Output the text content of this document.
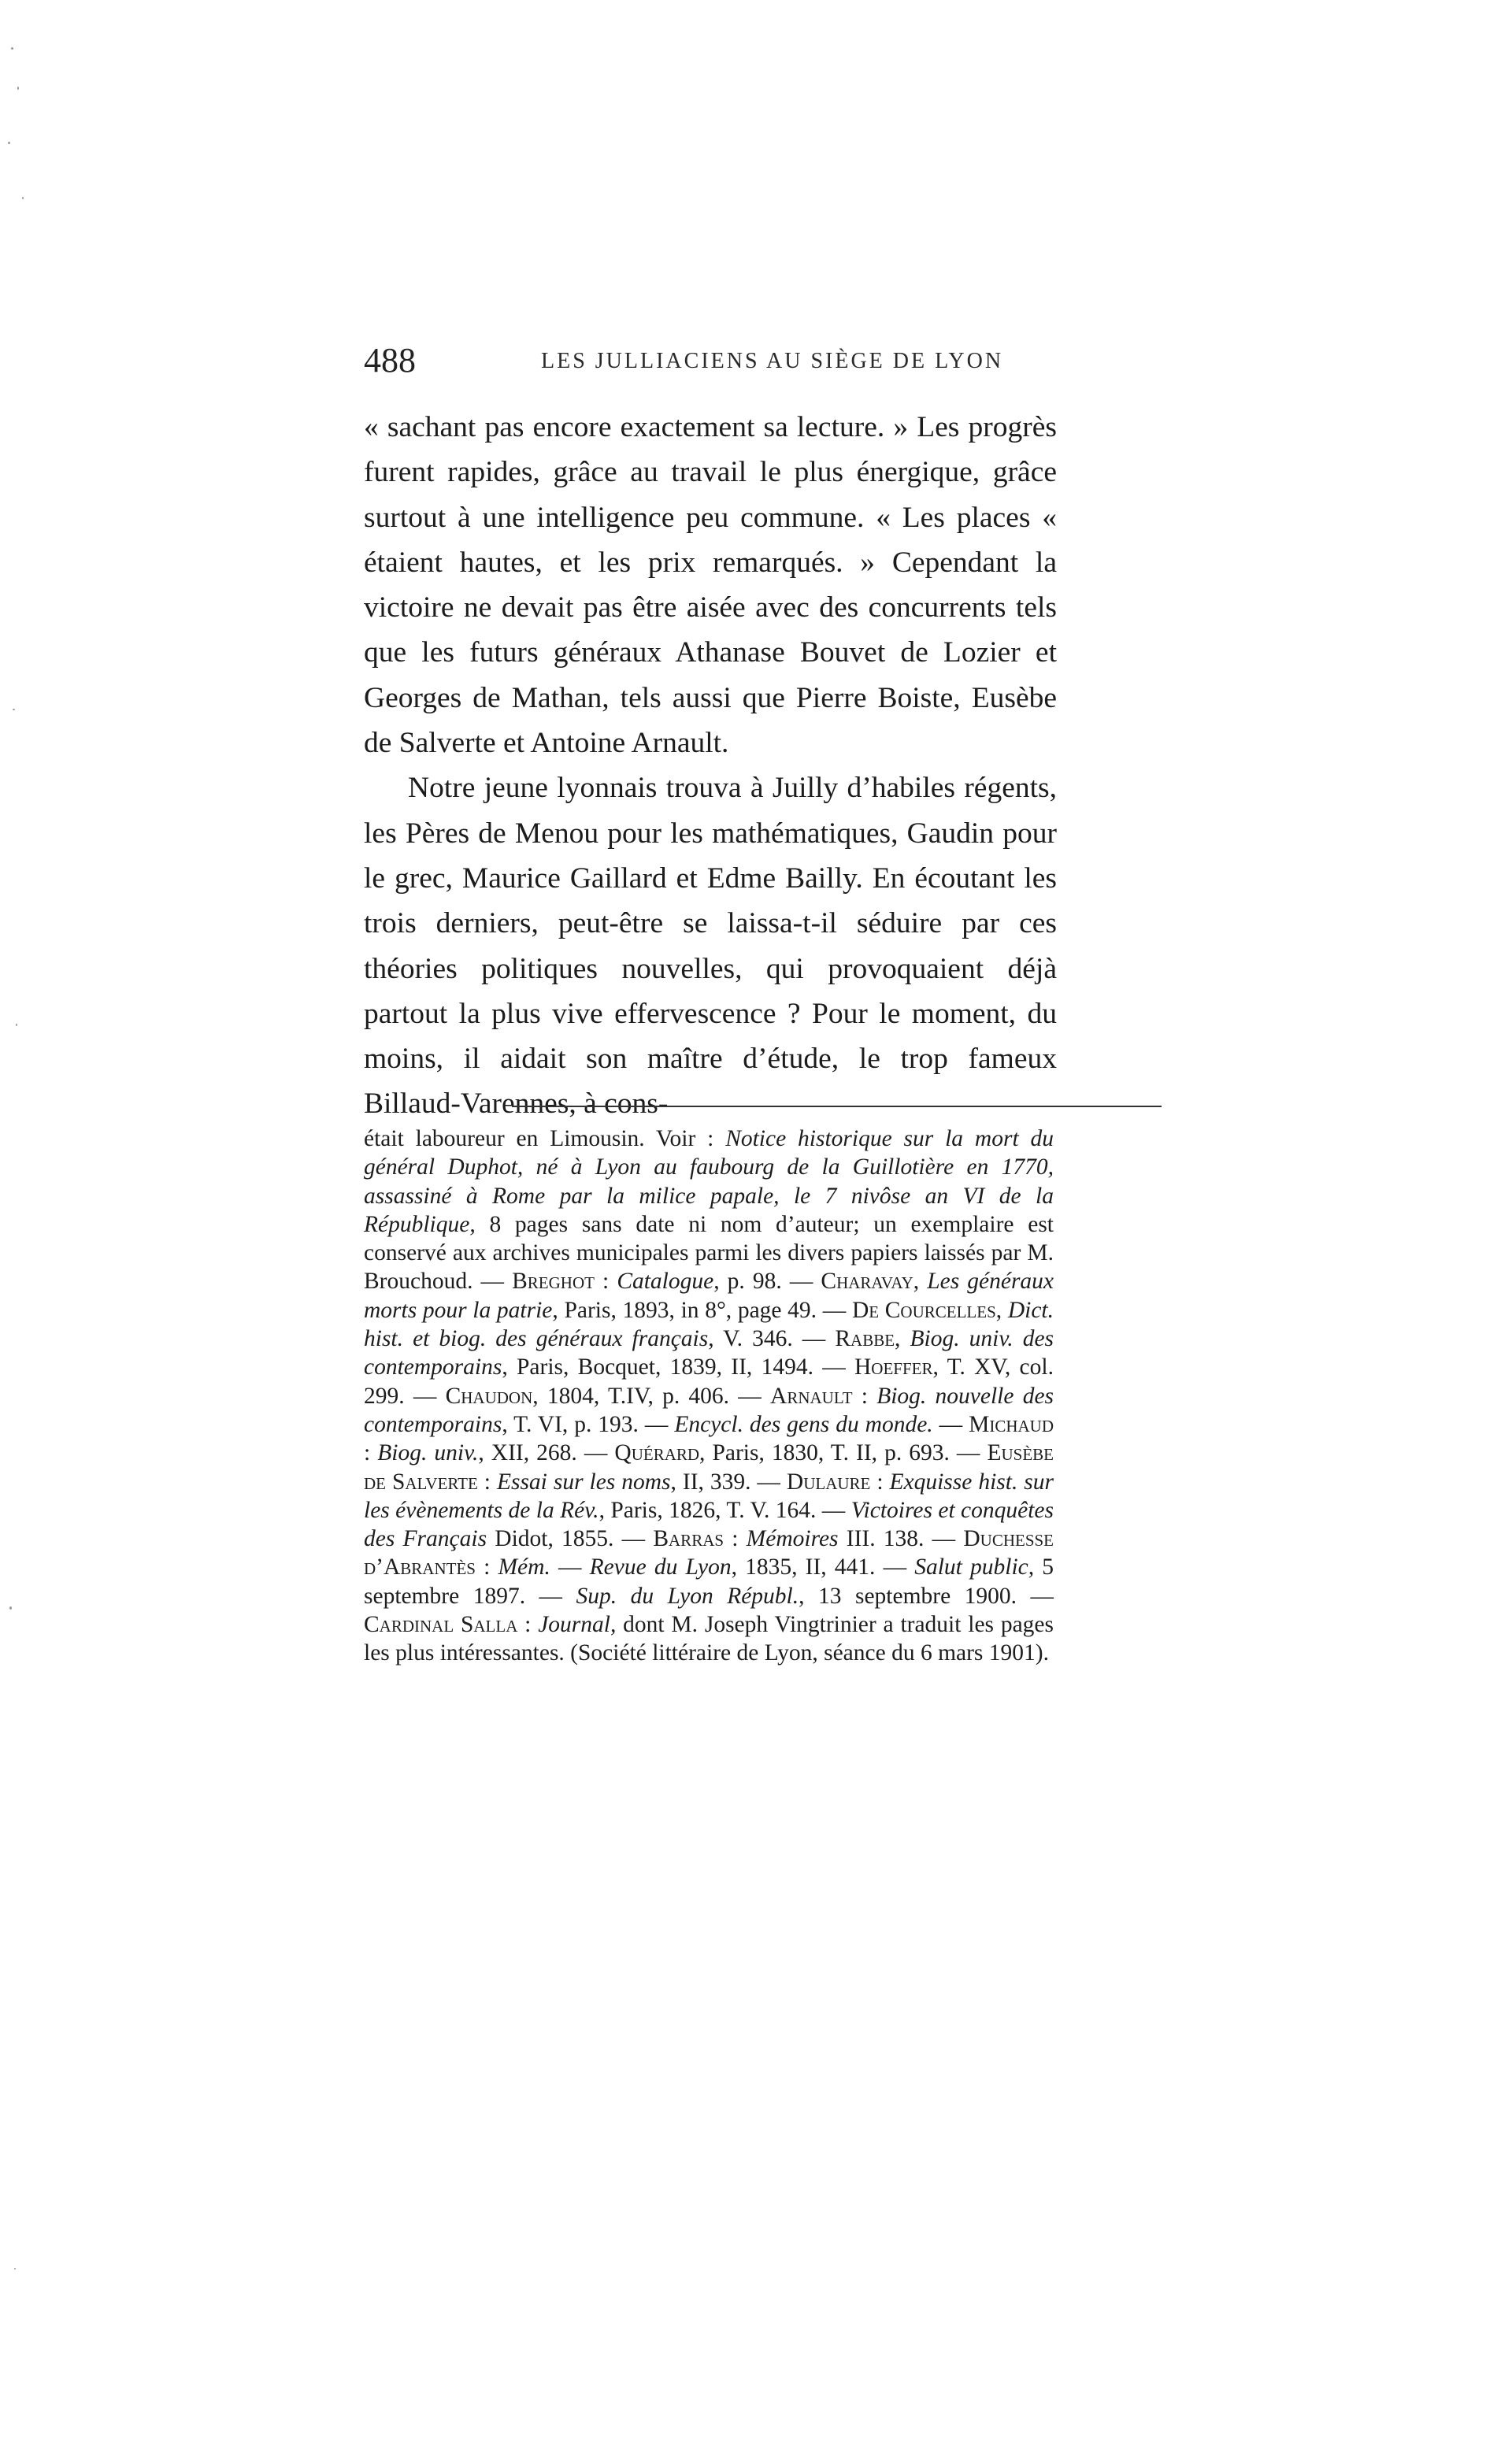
488	LES JULLIACIENS AU SIÈGE DE LYON

« sachant pas encore exactement sa lecture. » Les progrès furent rapides, grâce au travail le plus énergique, grâce surtout à une intelligence peu commune. « Les places « étaient hautes, et les prix remarqués. » Cependant la victoire ne devait pas être aisée avec des concurrents tels que les futurs généraux Athanase Bouvet de Lozier et Georges de Mathan, tels aussi que Pierre Boiste, Eusèbe de Salverte et Antoine Arnault.

Notre jeune lyonnais trouva à Juilly d’habiles régents, les Pères de Menou pour les mathématiques, Gaudin pour le grec, Maurice Gaillard et Edme Bailly. En écoutant les trois derniers, peut-être se laissa-t-il séduire par ces théories politiques nouvelles, qui provoquaient déjà partout la plus vive effervescence ? Pour le moment, du moins, il aidait son maître d’étude, le trop fameux Billaud-Varennes, à cons-

était laboureur en Limousin. Voir : Notice historique sur la mort du général Duphot, né à Lyon au faubourg de la Guillotière en 1770, assassiné à Rome par la milice papale, le 7 nivôse an VI de la République, 8 pages sans date ni nom d’auteur; un exemplaire est conservé aux archives municipales parmi les divers papiers laissés par M. Brouchoud. — Breghot : Catalogue, p. 98. — Charavay, Les généraux morts pour la patrie, Paris, 1893, in 8°, page 49. — De Courcelles, Dict. hist. et biog. des généraux français, V. 346. — Rabbe, Biog. univ. des contemporains, Paris, Bocquet, 1839, II, 1494. — Hoeffer, T. XV, col. 299. — Chaudon, 1804, T.IV, p. 406. — Arnault : Biog. nouvelle des contemporains, T. VI, p. 193. — Encycl. des gens du monde. — Michaud : Biog. univ., XII, 268. — Quérard, Paris, 1830, T. II, p. 693. — Eusèbe de Salverte : Essai sur les noms, II, 339. — Dulaure : Exquisse hist. sur les évènements de la Rév., Paris, 1826, T. V. 164. — Victoires et conquêtes des Français Didot, 1855. — Barras : Mémoires III. 138. — Duchesse d’Abrantès : Mém. — Revue du Lyon, 1835, II, 441. — Salut public, 5 septembre 1897. — Sup. du Lyon Républ., 13 septembre 1900. — Cardinal Salla : Journal, dont M. Joseph Vingtrinier a traduit les pages les plus intéressantes. (Société littéraire de Lyon, séance du 6 mars 1901).
